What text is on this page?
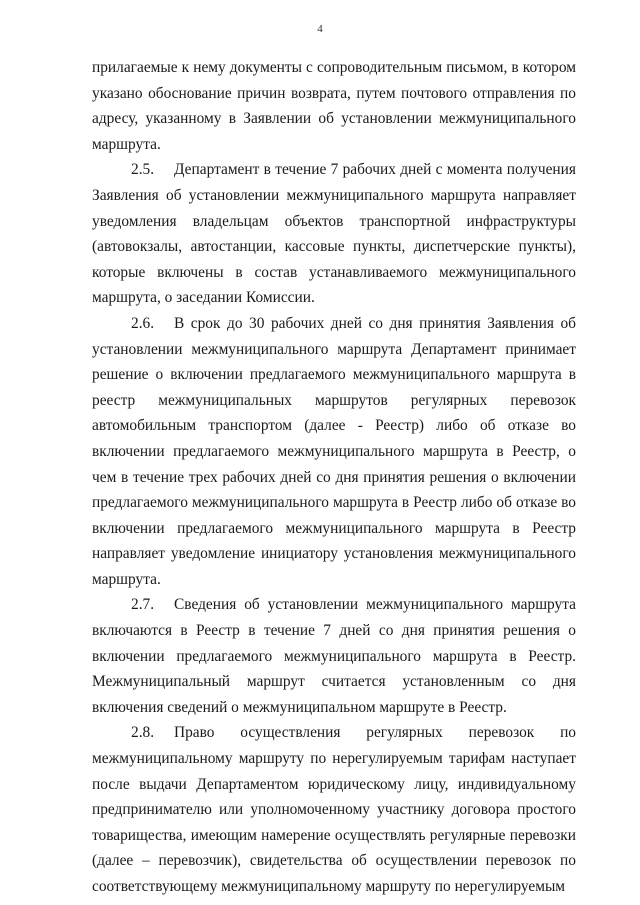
4

прилагаемые к нему документы с сопроводительным письмом, в котором указано обоснование причин возврата, путем почтового отправления по адресу, указанному в Заявлении об установлении межмуниципального маршрута.

2.5. Департамент в течение 7 рабочих дней с момента получения Заявления об установлении межмуниципального маршрута направляет уведомления владельцам объектов транспортной инфраструктуры (автовокзалы, автостанции, кассовые пункты, диспетчерские пункты), которые включены в состав устанавливаемого межмуниципального маршрута, о заседании Комиссии.

2.6. В срок до 30 рабочих дней со дня принятия Заявления об установлении межмуниципального маршрута Департамент принимает решение о включении предлагаемого межмуниципального маршрута в реестр межмуниципальных маршрутов регулярных перевозок автомобильным транспортом (далее - Реестр) либо об отказе во включении предлагаемого межмуниципального маршрута в Реестр, о чем в течение трех рабочих дней со дня принятия решения о включении предлагаемого межмуниципального маршрута в Реестр либо об отказе во включении предлагаемого межмуниципального маршрута в Реестр направляет уведомление инициатору установления межмуниципального маршрута.

2.7. Сведения об установлении межмуниципального маршрута включаются в Реестр в течение 7 дней со дня принятия решения о включении предлагаемого межмуниципального маршрута в Реестр. Межмуниципальный маршрут считается установленным со дня включения сведений о межмуниципальном маршруте в Реестр.

2.8. Право осуществления регулярных перевозок по межмуниципальному маршруту по нерегулируемым тарифам наступает после выдачи Департаментом юридическому лицу, индивидуальному предпринимателю или уполномоченному участнику договора простого товарищества, имеющим намерение осуществлять регулярные перевозки (далее – перевозчик), свидетельства об осуществлении перевозок по соответствующему межмуниципальному маршруту по нерегулируемым
